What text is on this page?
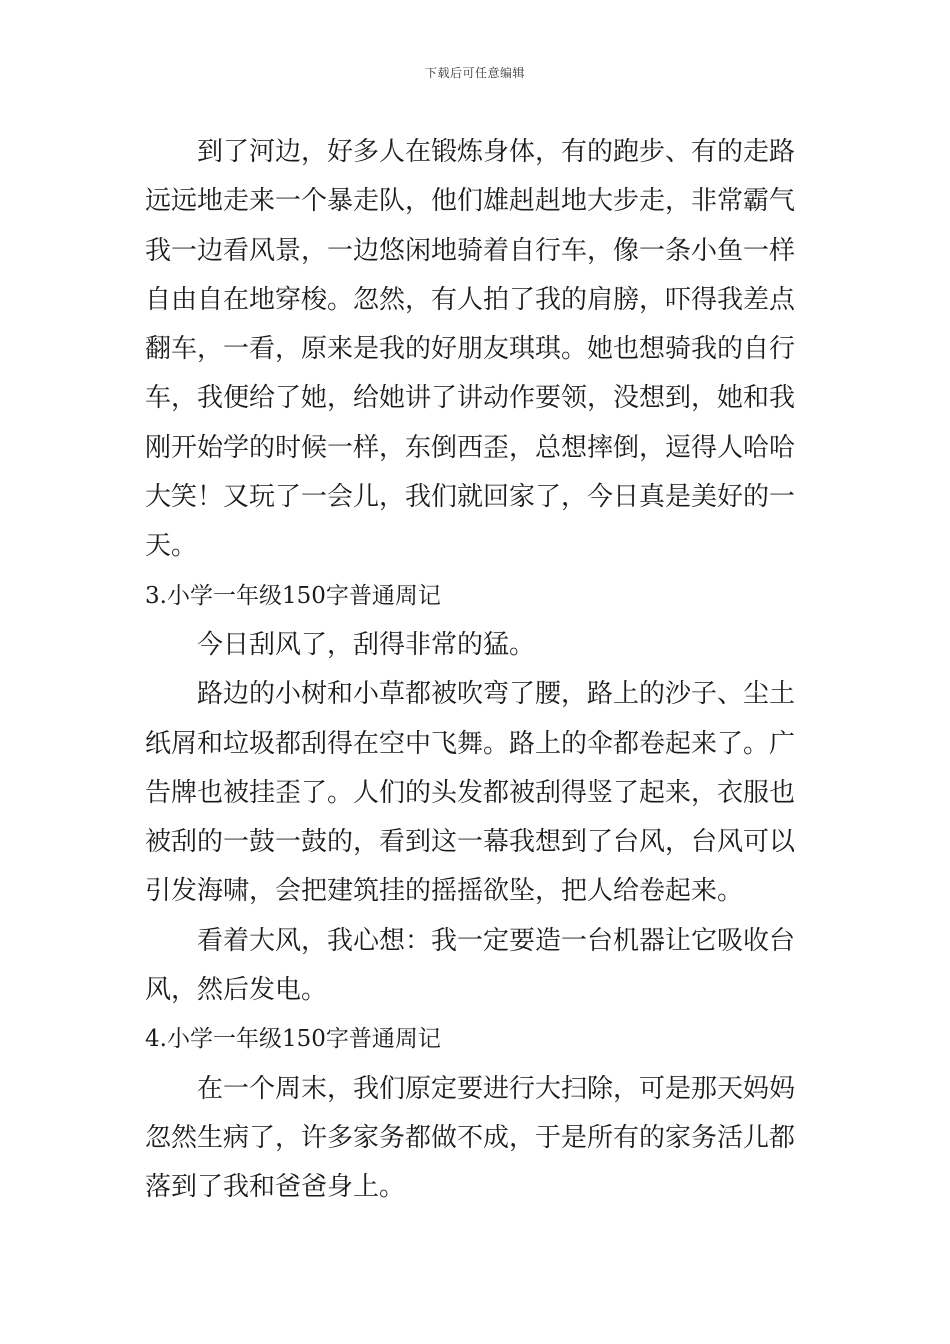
下载后可任意编辑
到了河边，好多人在锻炼身体，有的跑步、有的走路
远远地走来一个暴走队，他们雄赳赳地大步走，非常霸气
我一边看风景，一边悠闲地骑着自行车，像一条小鱼一样
自由自在地穿梭。忽然，有人拍了我的肩膀，吓得我差点
翻车，一看，原来是我的好朋友琪琪。她也想骑我的自行
车，我便给了她，给她讲了讲动作要领，没想到，她和我
刚开始学的时候一样，东倒西歪，总想摔倒，逗得人哈哈
大笑！又玩了一会儿，我们就回家了，今日真是美好的一
天。
3.小学一年级150字普通周记
今日刮风了，刮得非常的猛。
路边的小树和小草都被吹弯了腰，路上的沙子、尘土
纸屑和垃圾都刮得在空中飞舞。路上的伞都卷起来了。广
告牌也被挂歪了。人们的头发都被刮得竖了起来，衣服也
被刮的一鼓一鼓的，看到这一幕我想到了台风，台风可以
引发海啸，会把建筑挂的摇摇欲坠，把人给卷起来。
看着大风，我心想：我一定要造一台机器让它吸收台
风，然后发电。
4.小学一年级150字普通周记
在一个周末，我们原定要进行大扫除，可是那天妈妈
忽然生病了，许多家务都做不成，于是所有的家务活儿都
落到了我和爸爸身上。
